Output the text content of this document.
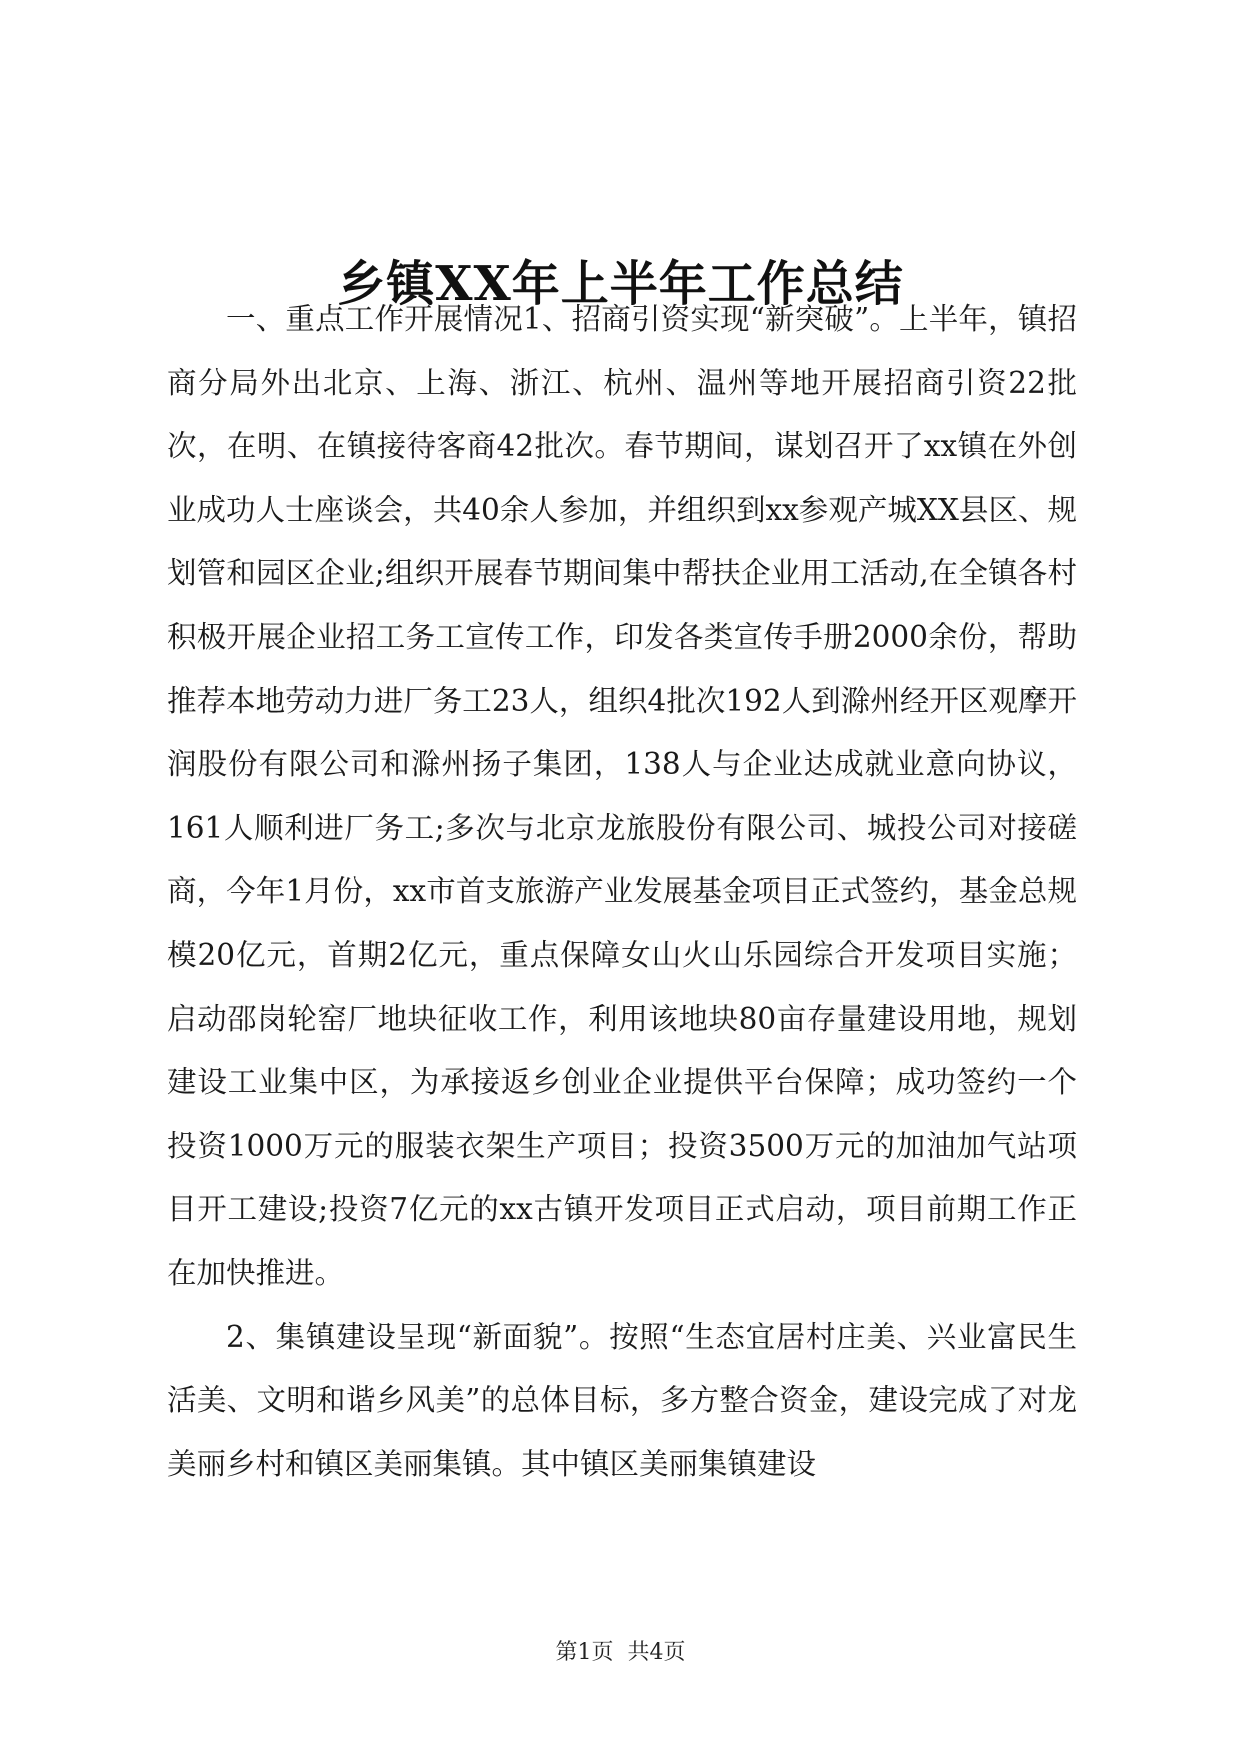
乡镇XX年上半年工作总结

一、重点工作开展情况1、招商引资实现“新突破”。上半年，镇招商分局外出北京、上海、浙江、杭州、温州等地开展招商引资22批次，在明、在镇接待客商42批次。春节期间，谋划召开了xx镇在外创业成功人士座谈会，共40余人参加，并组织到xx参观产城XX县区、规划管和园区企业;组织开展春节期间集中帮扶企业用工活动,在全镇各村积极开展企业招工务工宣传工作，印发各类宣传手册2000余份，帮助推荐本地劳动力进厂务工23人，组织4批次192人到滁州经开区观摩开润股份有限公司和滁州扬子集团，138人与企业达成就业意向协议，161人顺利进厂务工;多次与北京龙旅股份有限公司、城投公司对接磋商，今年1月份，xx市首支旅游产业发展基金项目正式签约，基金总规模20亿元，首期2亿元，重点保障女山火山乐园综合开发项目实施；启动邵岗轮窑厂地块征收工作，利用该地块80亩存量建设用地，规划建设工业集中区，为承接返乡创业企业提供平台保障；成功签约一个投资1000万元的服装衣架生产项目；投资3500万元的加油加气站项目开工建设;投资7亿元的xx古镇开发项目正式启动，项目前期工作正在加快推进。

2、集镇建设呈现“新面貌”。按照“生态宜居村庄美、兴业富民生活美、文明和谐乡风美”的总体目标，多方整合资金，建设完成了对龙美丽乡村和镇区美丽集镇。其中镇区美丽集镇建设

第1页 共4页
